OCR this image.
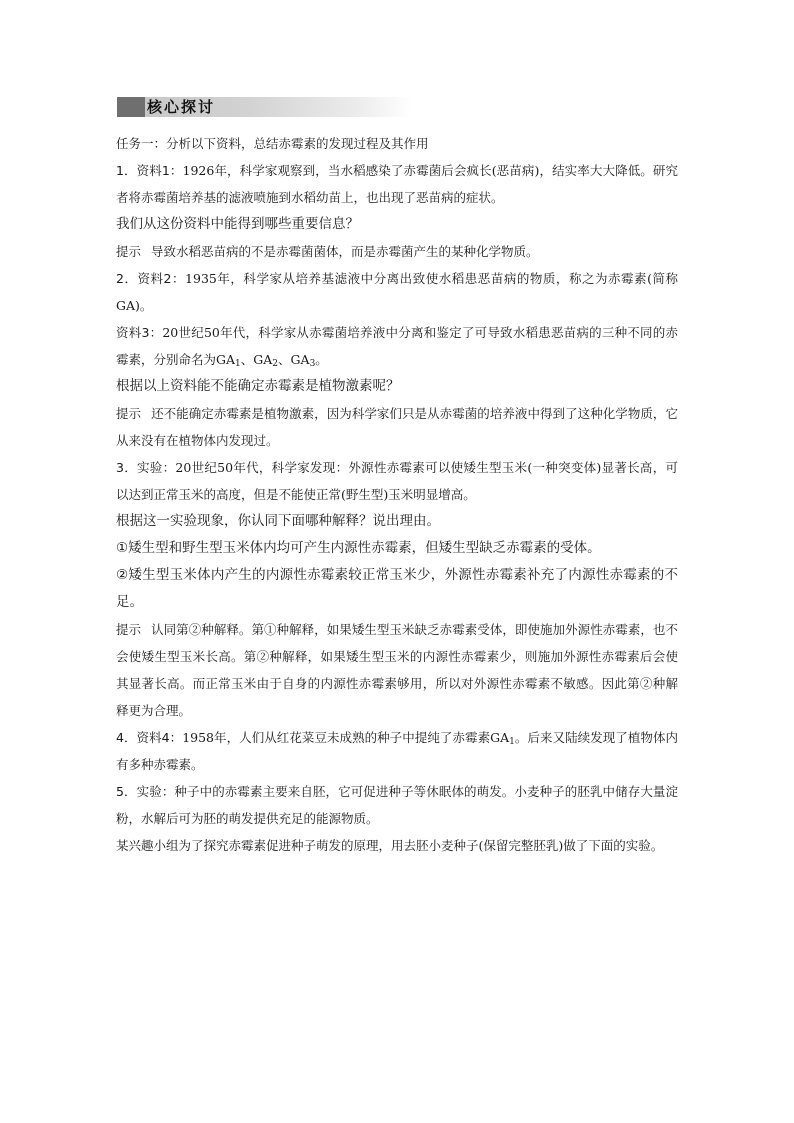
核心探讨

任务一：分析以下资料，总结赤霉素的发现过程及其作用

1．资料1：1926年，科学家观察到，当水稻感染了赤霉菌后会疯长(恶苗病)，结实率大大降低。研究者将赤霉菌培养基的滤液喷施到水稻幼苗上，也出现了恶苗病的症状。

我们从这份资料中能得到哪些重要信息？

提示 导致水稻恶苗病的不是赤霉菌菌体，而是赤霉菌产生的某种化学物质。

2．资料2：1935年，科学家从培养基滤液中分离出致使水稻患恶苗病的物质，称之为赤霉素(简称GA)。

资料3：20世纪50年代，科学家从赤霉菌培养液中分离和鉴定了可导致水稻患恶苗病的三种不同的赤霉素，分别命名为$GA_1$、$GA_2$、$GA_3$。

根据以上资料能不能确定赤霉素是植物激素呢？

提示 还不能确定赤霉素是植物激素，因为科学家们只是从赤霉菌的培养液中得到了这种化学物质，它从来没有在植物体内发现过。

3．实验：20世纪50年代，科学家发现：外源性赤霉素可以使矮生型玉米(一种突变体)显著长高，可以达到正常玉米的高度，但是不能使正常(野生型)玉米明显增高。

根据这一实验现象，你认同下面哪种解释？说出理由。

①矮生型和野生型玉米体内均可产生内源性赤霉素，但矮生型缺乏赤霉素的受体。

②矮生型玉米体内产生的内源性赤霉素较正常玉米少，外源性赤霉素补充了内源性赤霉素的不足。

提示 认同第②种解释。第①种解释，如果矮生型玉米缺乏赤霉素受体，即使施加外源性赤霉素，也不会使矮生型玉米长高。第②种解释，如果矮生型玉米的内源性赤霉素少，则施加外源性赤霉素后会使其显著长高。而正常玉米由于自身的内源性赤霉素够用，所以对外源性赤霉素不敏感。因此第②种解释更为合理。

4．资料4：1958年，人们从红花菜豆未成熟的种子中提纯了赤霉素$GA_1$。后来又陆续发现了植物体内有多种赤霉素。

5．实验：种子中的赤霉素主要来自胚，它可促进种子等休眠体的萌发。小麦种子的胚乳中储存大量淀粉，水解后可为胚的萌发提供充足的能源物质。

某兴趣小组为了探究赤霉素促进种子萌发的原理，用去胚小麦种子(保留完整胚乳)做了下面的实验。
